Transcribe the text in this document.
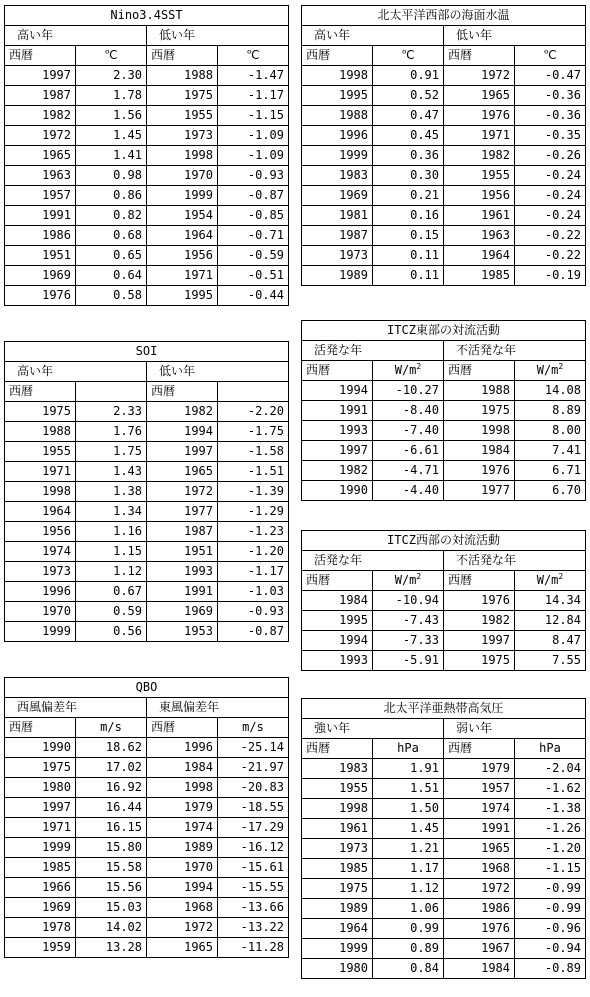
Nino3.4SST			
高い年		低い年	
西暦	℃	西暦	℃
1997	2.30	1988	-1.47
1987	1.78	1975	-1.17
1982	1.56	1955	-1.15
1972	1.45	1973	-1.09
1965	1.41	1998	-1.09
1963	0.98	1970	-0.93
1957	0.86	1999	-0.87
1991	0.82	1954	-0.85
1986	0.68	1964	-0.71
1951	0.65	1956	-0.59
1969	0.64	1971	-0.51
1976	0.58	1995	-0.44
SOI			
高い年		低い年	
西暦		西暦	
1975	2.33	1982	-2.20
1988	1.76	1994	-1.75
1955	1.75	1997	-1.58
1971	1.43	1965	-1.51
1998	1.38	1972	-1.39
1964	1.34	1977	-1.29
1956	1.16	1987	-1.23
1974	1.15	1951	-1.20
1973	1.12	1993	-1.17
1996	0.67	1991	-1.03
1970	0.59	1969	-0.93
1999	0.56	1953	-0.87
QBO			
西風偏差年		東風偏差年	
西暦	m/s	西暦	m/s
1990	18.62	1996	-25.14
1975	17.02	1984	-21.97
1980	16.92	1998	-20.83
1997	16.44	1979	-18.55
1971	16.15	1974	-17.29
1999	15.80	1989	-16.12
1985	15.58	1970	-15.61
1966	15.56	1994	-15.55
1969	15.03	1968	-13.66
1978	14.02	1972	-13.22
1959	13.28	1965	-11.28
北太平洋西部の海面水温			
高い年		低い年	
西暦	℃	西暦	℃
1998	0.91	1972	-0.47
1995	0.52	1965	-0.36
1988	0.47	1976	-0.36
1996	0.45	1971	-0.35
1999	0.36	1982	-0.26
1983	0.30	1955	-0.24
1969	0.21	1956	-0.24
1981	0.16	1961	-0.24
1987	0.15	1963	-0.22
1973	0.11	1964	-0.22
1989	0.11	1985	-0.19
ITCZ東部の対流活動			
活発な年		不活発な年	
西暦	$W/m^2$	西暦	$W/m^2$
1994	-10.27	1988	14.08
1991	-8.40	1975	8.89
1993	-7.40	1998	8.00
1997	-6.61	1984	7.41
1982	-4.71	1976	6.71
1990	-4.40	1977	6.70
ITCZ西部の対流活動			
活発な年		不活発な年	
西暦	$W/m^2$	西暦	$W/m^2$
1984	-10.94	1976	14.34
1995	-7.43	1982	12.84
1994	-7.33	1997	8.47
1993	-5.91	1975	7.55
北太平洋亜熱帯高気圧			
強い年		弱い年	
西暦	hPa	西暦	hPa
1983	1.91	1979	-2.04
1955	1.51	1957	-1.62
1998	1.50	1974	-1.38
1961	1.45	1991	-1.26
1973	1.21	1965	-1.20
1985	1.17	1968	-1.15
1975	1.12	1972	-0.99
1989	1.06	1986	-0.99
1964	0.99	1976	-0.96
1999	0.89	1967	-0.94
1980	0.84	1984	-0.89
